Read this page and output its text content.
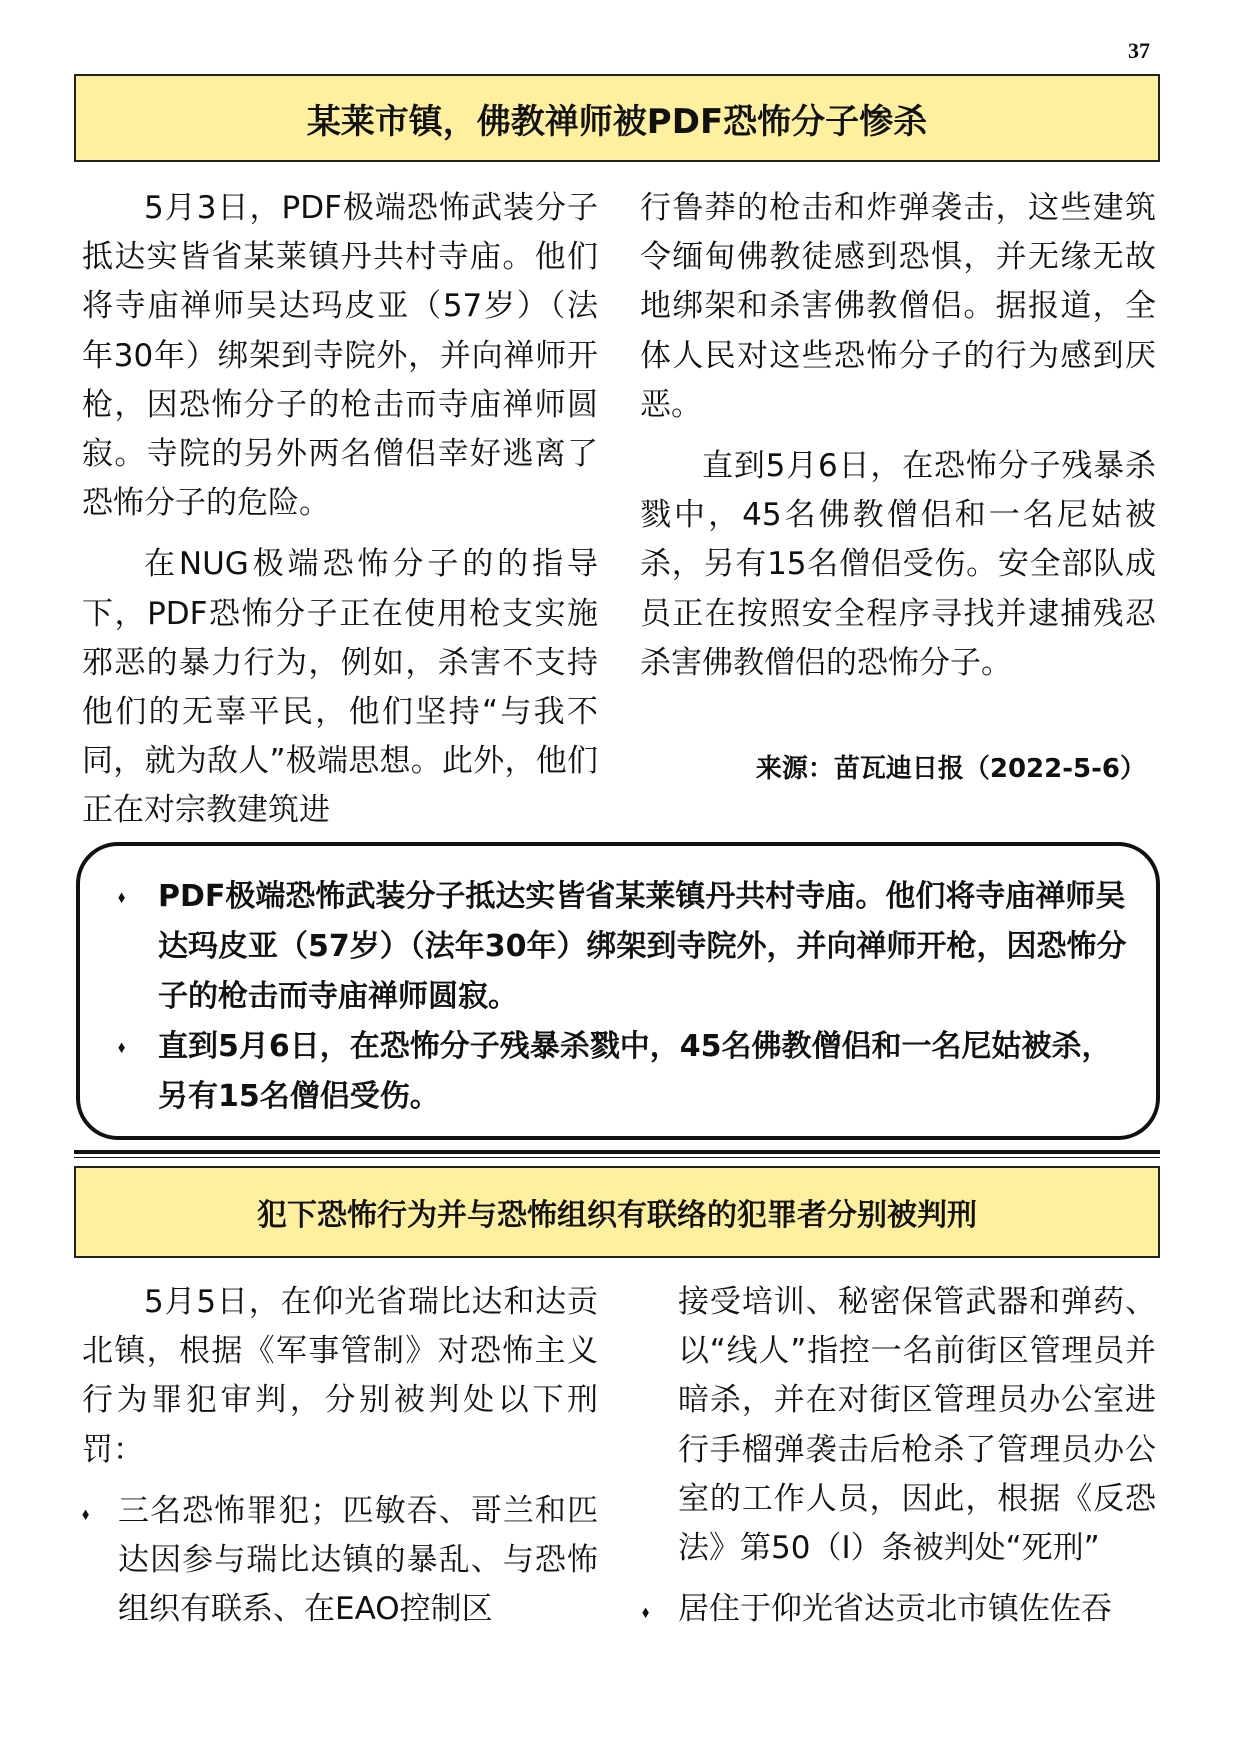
37
某莱市镇，佛教禅师被PDF恐怖分子惨杀

5月3日，PDF极端恐怖武装分子抵达实皆省某莱镇丹共村寺庙。他们将寺庙禅师吴达玛皮亚（57岁）（法年30年）绑架到寺院外，并向禅师开枪，因恐怖分子的枪击而寺庙禅师圆寂。寺院的另外两名僧侣幸好逃离了恐怖分子的危险。

在NUG极端恐怖分子的的指导下，PDF恐怖分子正在使用枪支实施邪恶的暴力行为，例如，杀害不支持他们的无辜平民，他们坚持“与我不同，就为敌人”极端思想。此外，他们正在对宗教建筑进

行鲁莽的枪击和炸弹袭击，这些建筑令缅甸佛教徒感到恐惧，并无缘无故地绑架和杀害佛教僧侣。据报道，全体人民对这些恐怖分子的行为感到厌恶。

直到5月6日，在恐怖分子残暴杀戮中，45名佛教僧侣和一名尼姑被杀，另有15名僧侣受伤。安全部队成员正在按照安全程序寻找并逮捕残忍杀害佛教僧侣的恐怖分子。

来源：苗瓦迪日报（2022-5-6）
⬧ PDF极端恐怖武装分子抵达实皆省某莱镇丹共村寺庙。他们将寺庙禅师吴达玛皮亚（57岁）（法年30年）绑架到寺院外，并向禅师开枪，因恐怖分子的枪击而寺庙禅师圆寂。
⬧ 直到5月6日，在恐怖分子残暴杀戮中，45名佛教僧侣和一名尼姑被杀，另有15名僧侣受伤。
犯下恐怖行为并与恐怖组织有联络的犯罪者分别被判刑

5月5日，在仰光省瑞比达和达贡北镇，根据《军事管制》对恐怖主义行为罪犯审判，分别被判处以下刑罚：

⬧ 三名恐怖罪犯；匹敏吞、哥兰和匹达因参与瑞比达镇的暴乱、与恐怖组织有联系、在EAO控制区

接受培训、秘密保管武器和弹药、以“线人”指控一名前街区管理员并暗杀，并在对街区管理员办公室进行手榴弹袭击后枪杀了管理员办公室的工作人员，因此，根据《反恐法》第50（I）条被判处“死刑”

⬧ 居住于仰光省达贡北市镇佐佐吞
